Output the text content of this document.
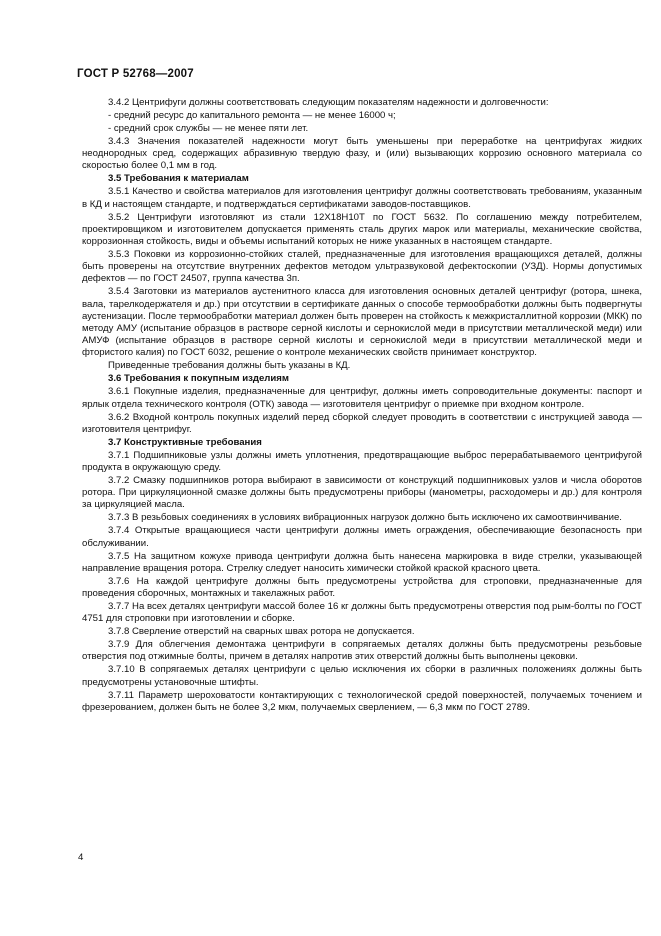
ГОСТ Р 52768—2007
3.4.2 Центрифуги должны соответствовать следующим показателям надежности и долговечности:
- средний ресурс до капитального ремонта — не менее 16000 ч;
- средний срок службы — не менее пяти лет.
3.4.3 Значения показателей надежности могут быть уменьшены при переработке на центрифугах жидких неоднородных сред, содержащих абразивную твердую фазу, и (или) вызывающих коррозию основного материала со скоростью более 0,1 мм в год.
3.5 Требования к материалам
3.5.1 Качество и свойства материалов для изготовления центрифуг должны соответствовать требованиям, указанным в КД и настоящем стандарте, и подтверждаться сертификатами заводов-поставщиков.
3.5.2 Центрифуги изготовляют из стали 12Х18Н10Т по ГОСТ 5632. По соглашению между потребителем, проектировщиком и изготовителем допускается применять сталь других марок или материалы, механические свойства, коррозионная стойкость, виды и объемы испытаний которых не ниже указанных в настоящем стандарте.
3.5.3 Поковки из коррозионно-стойких сталей, предназначенные для изготовления вращающихся деталей, должны быть проверены на отсутствие внутренних дефектов методом ультразвуковой дефектоскопии (УЗД). Нормы допустимых дефектов — по ГОСТ 24507, группа качества 3п.
3.5.4 Заготовки из материалов аустенитного класса для изготовления основных деталей центрифуг (ротора, шнека, вала, тарелкодержателя и др.) при отсутствии в сертификате данных о способе термообработки должны быть подвергнуты аустенизации. После термообработки материал должен быть проверен на стойкость к межкристаллитной коррозии (МКК) по методу АМУ (испытание образцов в растворе серной кислоты и сернокислой меди в присутствии металлической меди) или АМУФ (испытание образцов в растворе серной кислоты и сернокислой меди в присутствии металлической меди и фтористого калия) по ГОСТ 6032, решение о контроле механических свойств принимает конструктор.
Приведенные требования должны быть указаны в КД.
3.6 Требования к покупным изделиям
3.6.1 Покупные изделия, предназначенные для центрифуг, должны иметь сопроводительные документы: паспорт и ярлык отдела технического контроля (ОТК) завода — изготовителя центрифуг о приемке при входном контроле.
3.6.2 Входной контроль покупных изделий перед сборкой следует проводить в соответствии с инструкцией завода — изготовителя центрифуг.
3.7 Конструктивные требования
3.7.1 Подшипниковые узлы должны иметь уплотнения, предотвращающие выброс перерабатываемого центрифугой продукта в окружающую среду.
3.7.2 Смазку подшипников ротора выбирают в зависимости от конструкций подшипниковых узлов и числа оборотов ротора. При циркуляционной смазке должны быть предусмотрены приборы (манометры, расходомеры и др.) для контроля за циркуляцией масла.
3.7.3 В резьбовых соединениях в условиях вибрационных нагрузок должно быть исключено их самоотвинчивание.
3.7.4 Открытые вращающиеся части центрифуги должны иметь ограждения, обеспечивающие безопасность при обслуживании.
3.7.5 На защитном кожухе привода центрифуги должна быть нанесена маркировка в виде стрелки, указывающей направление вращения ротора. Стрелку следует наносить химически стойкой краской красного цвета.
3.7.6 На каждой центрифуге должны быть предусмотрены устройства для строповки, предназначенные для проведения сборочных, монтажных и такелажных работ.
3.7.7 На всех деталях центрифуги массой более 16 кг должны быть предусмотрены отверстия под рым-болты по ГОСТ 4751 для строповки при изготовлении и сборке.
3.7.8 Сверление отверстий на сварных швах ротора не допускается.
3.7.9 Для облегчения демонтажа центрифуги в сопрягаемых деталях должны быть предусмотрены резьбовые отверстия под отжимные болты, причем в деталях напротив этих отверстий должны быть выполнены цековки.
3.7.10 В сопрягаемых деталях центрифуги с целью исключения их сборки в различных положениях должны быть предусмотрены установочные штифты.
3.7.11 Параметр шероховатости контактирующих с технологической средой поверхностей, получаемых точением и фрезерованием, должен быть не более 3,2 мкм, получаемых сверлением, — 6,3 мкм по ГОСТ 2789.
4
